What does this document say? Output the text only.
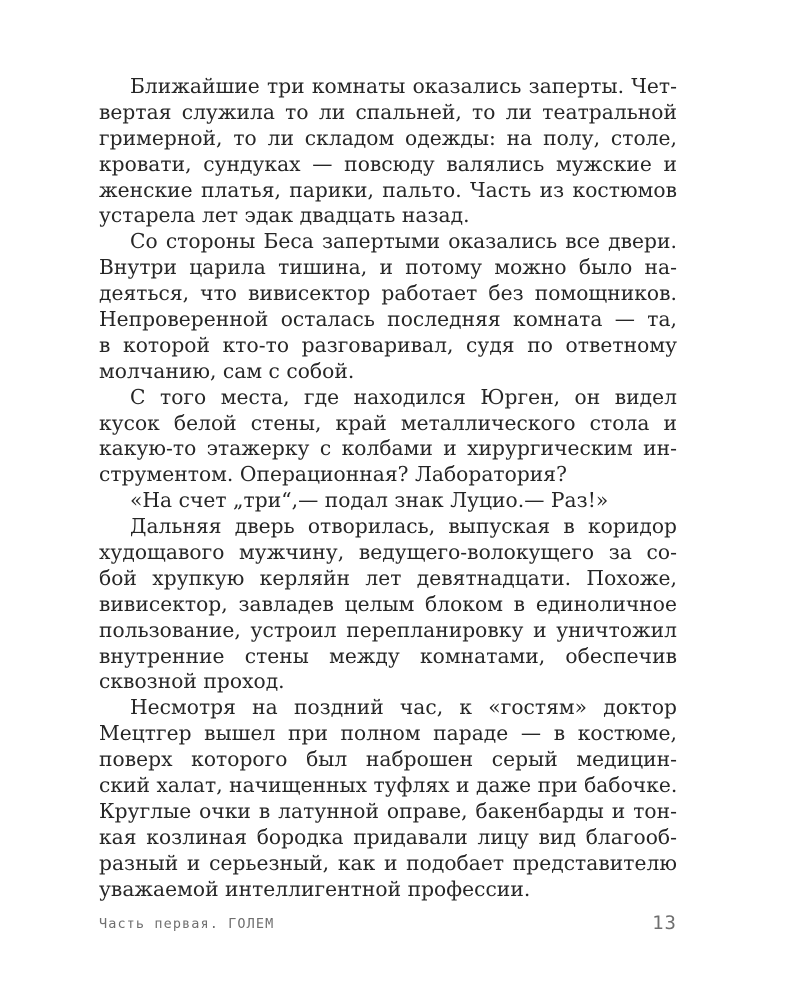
Ближайшие три комнаты оказались заперты. Чет-
вертая служила то ли спальней, то ли театральной
гримерной, то ли складом одежды: на полу, столе,
кровати, сундуках — повсюду валялись мужские и
женские платья, парики, пальто. Часть из костюмов
устарела лет эдак двадцать назад.
Со стороны Беса запертыми оказались все двери.
Внутри царила тишина, и потому можно было на-
деяться, что вивисектор работает без помощников.
Непроверенной осталась последняя комната — та,
в которой кто-то разговаривал, судя по ответному
молчанию, сам с собой.
С того места, где находился Юрген, он видел
кусок белой стены, край металлического стола и
какую-то этажерку с колбами и хирургическим ин-
струментом. Операционная? Лаборатория?
«На счет „три“,— подал знак Луцио.— Раз!»
Дальняя дверь отворилась, выпуская в коридор
худощавого мужчину, ведущего-волокущего за со-
бой хрупкую керляйн лет девятнадцати. Похоже,
вивисектор, завладев целым блоком в единоличное
пользование, устроил перепланировку и уничтожил
внутренние стены между комнатами, обеспечив
сквозной проход.
Несмотря на поздний час, к «гостям» доктор
Мецтгер вышел при полном параде — в костюме,
поверх которого был наброшен серый медицин-
ский халат, начищенных туфлях и даже при бабочке.
Круглые очки в латунной оправе, бакенбарды и тон-
кая козлиная бородка придавали лицу вид благооб-
разный и серьезный, как и подобает представителю
уважаемой интеллигентной профессии.
Часть первая. ГОЛЕМ	13
